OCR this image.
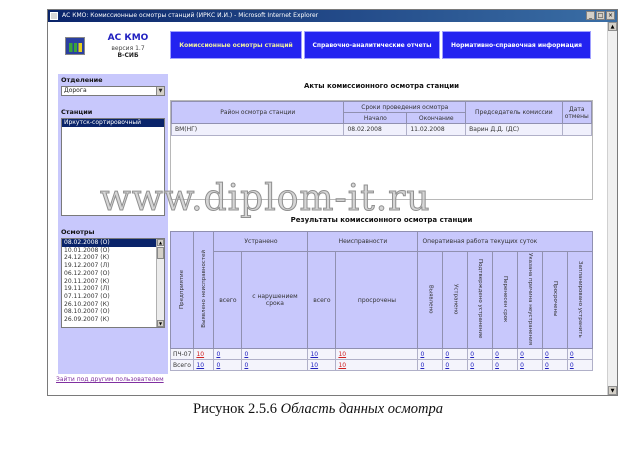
АС КМО: Комиссионные осмотры станций (ИРКС И.И.) - Microsoft Internet Explorer	_ □ ×
АС КМО
версия 1.7
В-СИБ
Отделение
Дорога	▼
Станции
Иркутск-сортировочный
Осмотры
08.02.2008 (О)
10.01.2008 (О)
24.12.2007 (К)
19.12.2007 (Л)
06.12.2007 (О)
20.11.2007 (К)
19.11.2007 (Л)
07.11.2007 (О)
26.10.2007 (К)
08.10.2007 (О)
26.09.2007 (К)
▲
▼
Зайти под другим пользователем
Комиссионные осмотры станций	Справочно-аналитические отчеты	Нормативно-справочная информация
Акты комиссионного осмотра станции
Район осмотра станции	Сроки проведения осмотра		Председатель комиссии	Дата отмены
	Начало	Окончание		
ВМ(НГ)	08.02.2008	11.02.2008	Варин Д.Д. (ДС)	
Результаты комиссионного осмотра станции
Предприятие	Выявлено неисправностей	Устранено		Неисправности		Оперативная работа текущих суток						
		всего	с нарушением срока	всего	просрочены	Выявлено	Устранено	Подтверждено устранение	Перенесен срок	Указана причина неустранения	Просрочены	Запланировано устранить
ПЧ-07	10	0	0	10	10	0	0	0	0	0	0	0
Всего	10	0	0	10	10	0	0	0	0	0	0	0
▲
▼
www.diplom-it.ru
Рисунок 2.5.6 Область данных осмотра
